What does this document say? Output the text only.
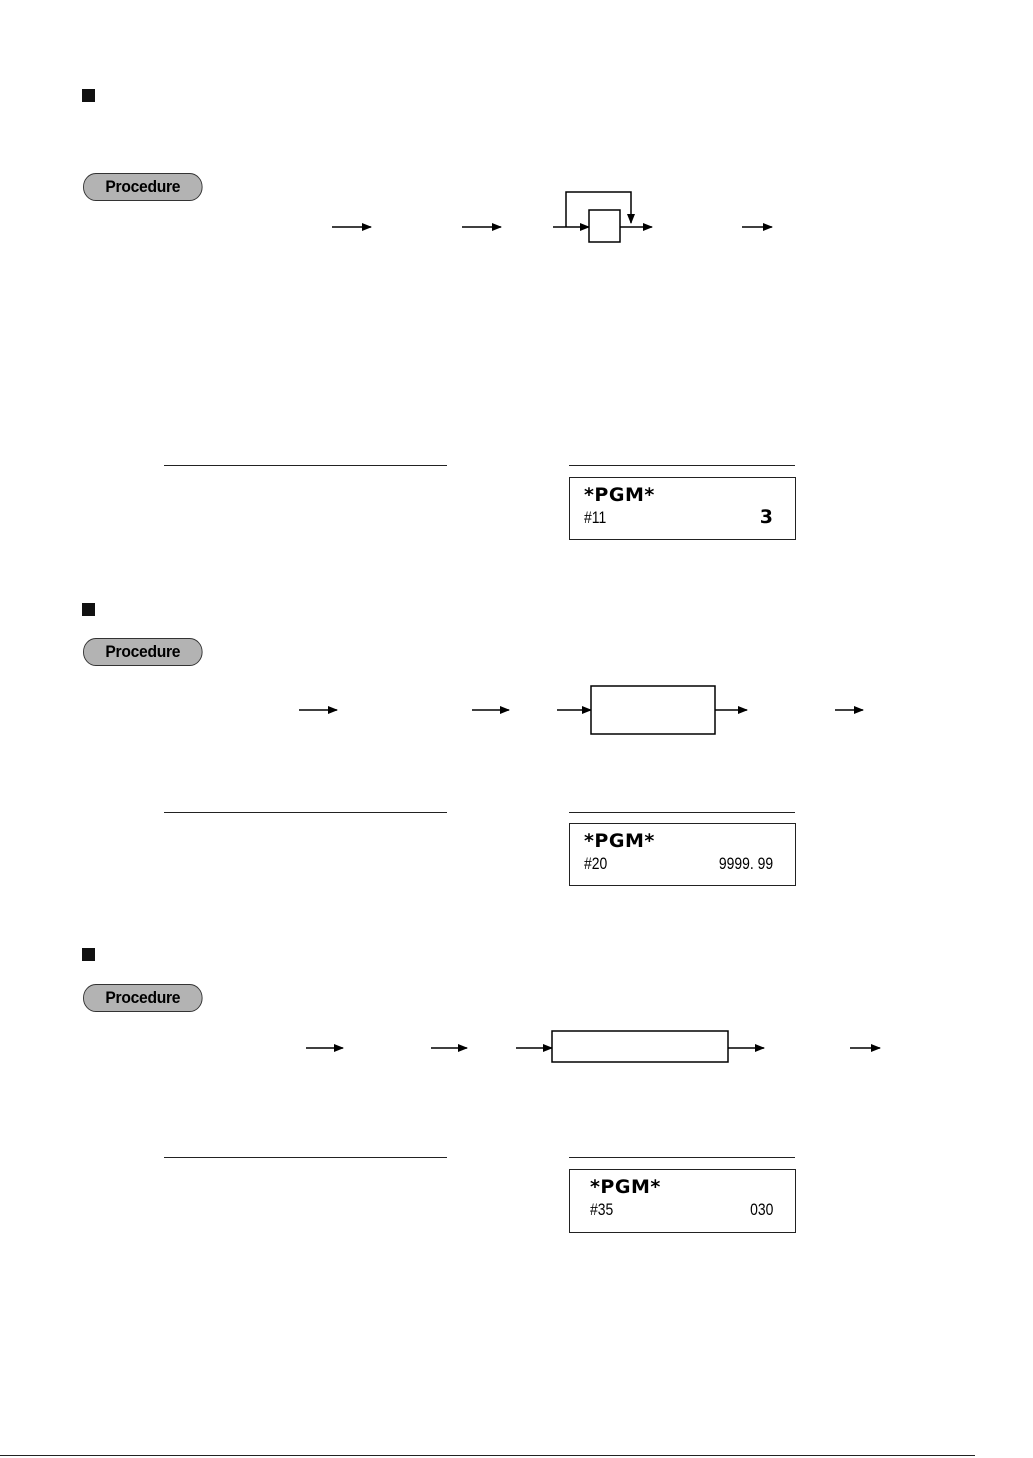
Procedure
*PGM*
#11	3
Procedure
*PGM*
#20	9999. 99
Procedure
*PGM*
#35	030
